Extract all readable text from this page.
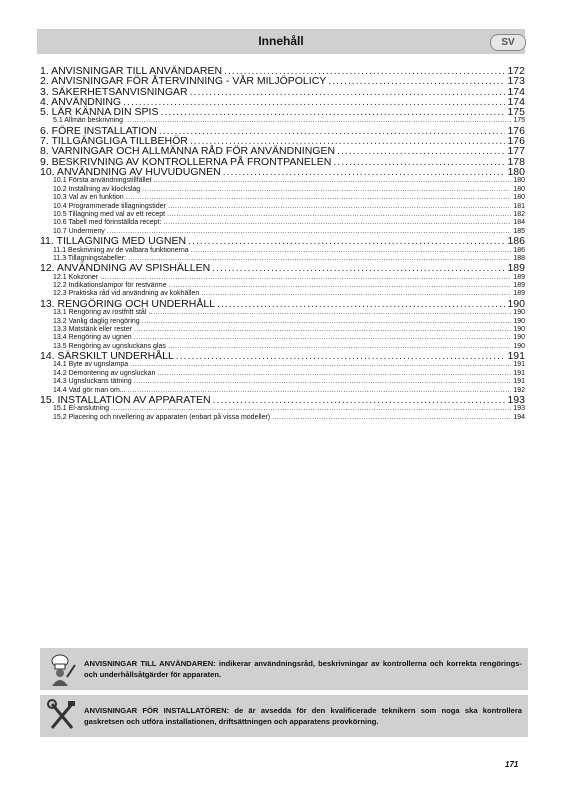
Innehåll	SV
1. ANVISNINGAR TILL ANVÄNDAREN .....	172
2. ANVISNINGAR FÖR ÅTERVINNING - VÅR MILJÖPOLICY .....	173
3. SÄKERHETSANVISNINGAR .....	174
4. ANVÄNDNING .....	174
5. LÄR KÄNNA DIN SPIS .....	175
5.1 Allmän beskrivning .....	175
6. FÖRE INSTALLATION .....	176
7. TILLGÄNGLIGA TILLBEHÖR .....	176
8. VARNINGAR OCH ALLMÄNNA RÅD FÖR ANVÄNDNINGEN .....	177
9. BESKRIVNING AV KONTROLLERNA PÅ FRONTPANELEN .....	178
10. ANVÄNDNING AV HUVUDUGNEN .....	180
10.1 Första användningstillfället .....	180
10.2 Inställning av klockslag .....	180
10.3 Val av en funktion .....	180
10.4 Programmerade tillagningstider .....	181
10.5 Tillagning med val av ett recept .....	182
10.6 Tabell med förinställda recept: .....	184
10.7 Undermeny .....	185
11. TILLAGNING MED UGNEN .....	186
11.1 Beskrivning av de valbara funktionerna .....	186
11.3 Tillagningstabeller: .....	188
12. ANVÄNDNING AV SPISHÄLLEN .....	189
12.1 Kokzoner .....	189
12.2 Indikationslampor för restvärme .....	189
12.3 Praktiska råd vid användning av kokhällen .....	189
13. RENGÖRING OCH UNDERHÅLL .....	190
13.1 Rengöring av rostfritt stål .....	190
13.2 Vanlig daglig rengöring .....	190
13.3 Matstänk eller rester .....	190
13.4 Rengöring av ugnen .....	190
13.5 Rengöring av ugnsluckans glas .....	190
14. SÄRSKILT UNDERHÅLL .....	191
14.1 Byte av ugnslampa .....	191
14.2 Demontering av ugnsluckan .....	191
14.3 Ugnsluckans tätning .....	191
14.4 Vad gör man om... .....	192
15. INSTALLATION AV APPARATEN .....	193
15.1 El-anslutning .....	193
15.2 Placering och nivellering av apparaten (enbart på vissa modeller) .....	194
ANVISNINGAR TILL ANVÄNDAREN: indikerar användningsråd, beskrivningar av kontrollerna och korrekta rengörings- och underhållsåtgärder för apparaten.
ANVISNINGAR FÖR INSTALLATÖREN: de är avsedda för den kvalificerade teknikern som noga ska kontrollera gaskretsen och utföra installationen, driftsättningen och apparatens provkörning.
171
